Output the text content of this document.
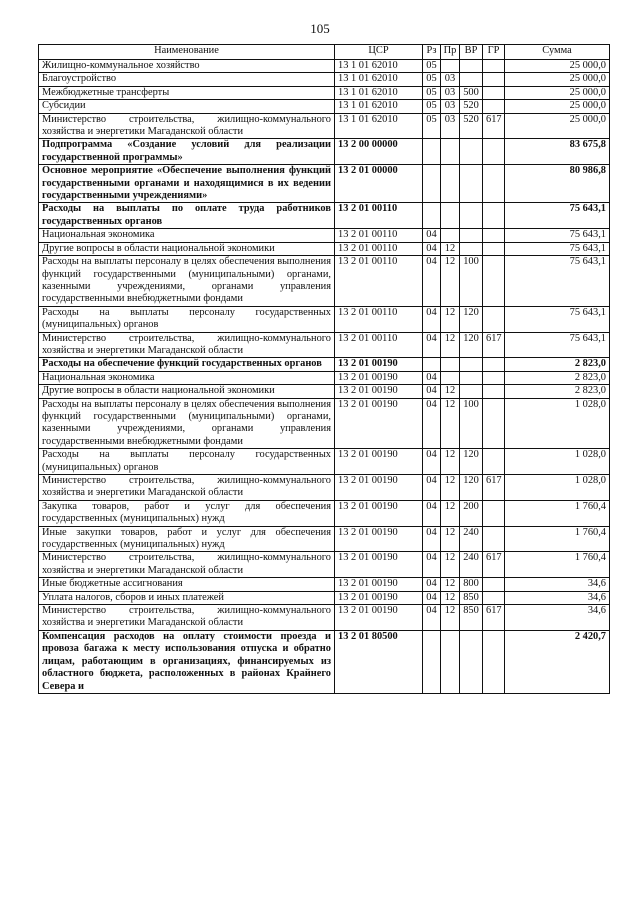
105
Наименование	ЦСР	Рз	Пр	ВР	ГР	Сумма
Жилищно-коммунальное хозяйство	13 1 01 62010	05				25 000,0
Благоустройство	13 1 01 62010	05	03			25 000,0
Межбюджетные трансферты	13 1 01 62010	05	03	500		25 000,0
Субсидии	13 1 01 62010	05	03	520		25 000,0
Министерство строительства, жилищно-коммунального хозяйства и энергетики Магаданской области	13 1 01 62010	05	03	520	617	25 000,0
Подпрограмма «Создание условий для реализации государственной программы»	13 2 00 00000					83 675,8
Основное мероприятие «Обеспечение выполнения функций государственными органами и находящимися в их ведении государственными учреждениями»	13 2 01 00000					80 986,8
Расходы на выплаты по оплате труда работников государственных органов	13 2 01 00110					75 643,1
Национальная экономика	13 2 01 00110	04				75 643,1
Другие вопросы в области национальной экономики	13 2 01 00110	04	12			75 643,1
Расходы на выплаты персоналу в целях обеспечения выполнения функций государственными (муниципальными) органами, казенными учреждениями, органами управления государственными внебюджетными фондами	13 2 01 00110	04	12	100		75 643,1
Расходы на выплаты персоналу государственных (муниципальных) органов	13 2 01 00110	04	12	120		75 643,1
Министерство строительства, жилищно-коммунального хозяйства и энергетики Магаданской области	13 2 01 00110	04	12	120	617	75 643,1
Расходы на обеспечение функций государственных органов	13 2 01 00190					2 823,0
Национальная экономика	13 2 01 00190	04				2 823,0
Другие вопросы в области национальной экономики	13 2 01 00190	04	12			2 823,0
Расходы на выплаты персоналу в целях обеспечения выполнения функций государственными (муниципальными) органами, казенными учреждениями, органами управления государственными внебюджетными фондами	13 2 01 00190	04	12	100		1 028,0
Расходы на выплаты персоналу государственных (муниципальных) органов	13 2 01 00190	04	12	120		1 028,0
Министерство строительства, жилищно-коммунального хозяйства и энергетики Магаданской области	13 2 01 00190	04	12	120	617	1 028,0
Закупка товаров, работ и услуг для обеспечения государственных (муниципальных) нужд	13 2 01 00190	04	12	200		1 760,4
Иные закупки товаров, работ и услуг для обеспечения государственных (муниципальных) нужд	13 2 01 00190	04	12	240		1 760,4
Министерство строительства, жилищно-коммунального хозяйства и энергетики Магаданской области	13 2 01 00190	04	12	240	617	1 760,4
Иные бюджетные ассигнования	13 2 01 00190	04	12	800		34,6
Уплата налогов, сборов и иных платежей	13 2 01 00190	04	12	850		34,6
Министерство строительства, жилищно-коммунального хозяйства и энергетики Магаданской области	13 2 01 00190	04	12	850	617	34,6
Компенсация расходов на оплату стоимости проезда и провоза багажа к месту использования отпуска и обратно лицам, работающим в организациях, финансируемых из областного бюджета, расположенных в районах Крайнего Севера и	13 2 01 80500					2 420,7
